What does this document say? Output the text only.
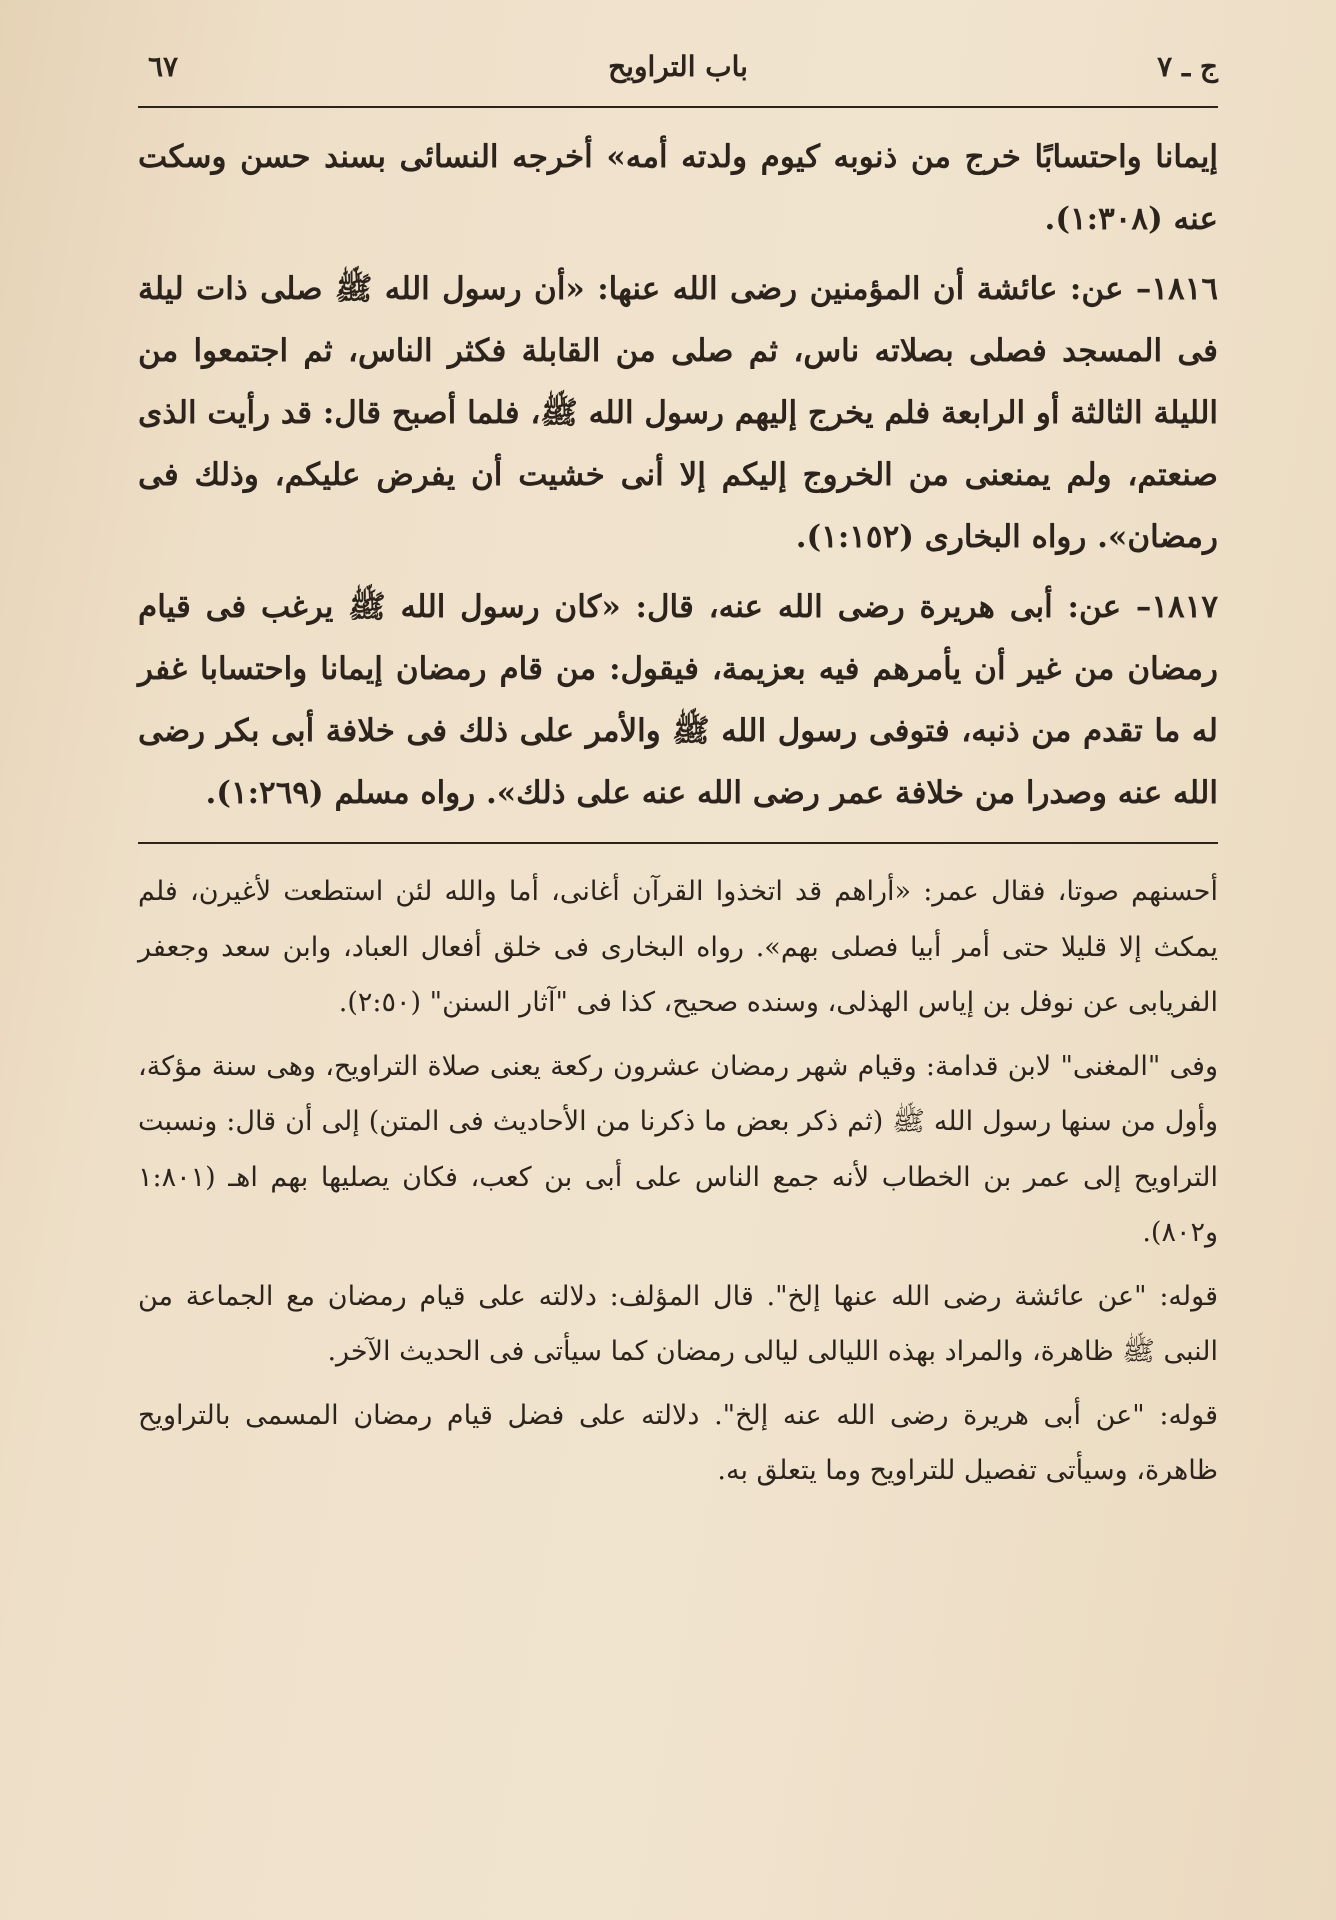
ج ـ ٧
باب التراويح
٦٧

إيمانا واحتسابًا خرج من ذنوبه كيوم ولدته أمه» أخرجه النسائى بسند حسن وسكت عنه (١:٣٠٨).

١٨١٦– عن: عائشة أن المؤمنين رضى الله عنها: «أن رسول الله ﷺ صلى ذات ليلة فى المسجد فصلى بصلاته ناس، ثم صلى من القابلة فكثر الناس، ثم اجتمعوا من الليلة الثالثة أو الرابعة فلم يخرج إليهم رسول الله ﷺ، فلما أصبح قال: قد رأيت الذى صنعتم، ولم يمنعنى من الخروج إليكم إلا أنى خشيت أن يفرض عليكم، وذلك فى رمضان». رواه البخارى (١:١٥٢).

١٨١٧– عن: أبى هريرة رضى الله عنه، قال: «كان رسول الله ﷺ يرغب فى قيام رمضان من غير أن يأمرهم فيه بعزيمة، فيقول: من قام رمضان إيمانا واحتسابا غفر له ما تقدم من ذنبه، فتوفى رسول الله ﷺ والأمر على ذلك فى خلافة أبى بكر رضى الله عنه وصدرا من خلافة عمر رضى الله عنه على ذلك». رواه مسلم (١:٢٦٩).

أحسنهم صوتا، فقال عمر: «أراهم قد اتخذوا القرآن أغانى، أما والله لئن استطعت لأغيرن، فلم يمكث إلا قليلا حتى أمر أبيا فصلى بهم». رواه البخارى فى خلق أفعال العباد، وابن سعد وجعفر الفريابى عن نوفل بن إياس الهذلى، وسنده صحيح، كذا فى "آثار السنن" (٢:٥٠).

وفى "المغنى" لابن قدامة: وقيام شهر رمضان عشرون ركعة يعنى صلاة التراويح، وهى سنة مؤكة، وأول من سنها رسول الله ﷺ (ثم ذكر بعض ما ذكرنا من الأحاديث فى المتن) إلى أن قال: ونسبت التراويح إلى عمر بن الخطاب لأنه جمع الناس على أبى بن كعب، فكان يصليها بهم اهـ (١:٨٠١ و٨٠٢).

قوله: "عن عائشة رضى الله عنها إلخ". قال المؤلف: دلالته على قيام رمضان مع الجماعة من النبى ﷺ ظاهرة، والمراد بهذه الليالى ليالى رمضان كما سيأتى فى الحديث الآخر.

قوله: "عن أبى هريرة رضى الله عنه إلخ". دلالته على فضل قيام رمضان المسمى بالتراويح ظاهرة، وسيأتى تفصيل للتراويح وما يتعلق به.
